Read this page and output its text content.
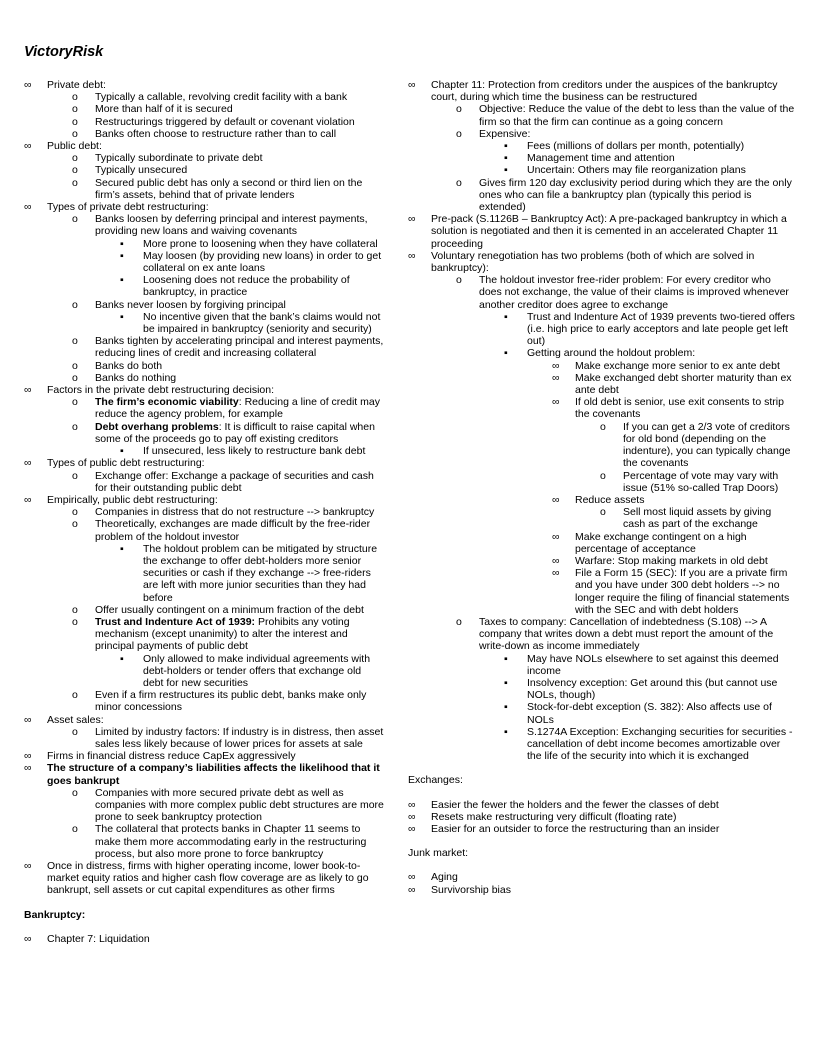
VictoryRisk
∞	Private debt:
o	Typically a callable, revolving credit facility with a bank
o	More than half of it is secured
o	Restructurings triggered by default or covenant violation
o	Banks often choose to restructure rather than to call
∞	Public debt:
o	Typically subordinate to private debt
o	Typically unsecured
o	Secured public debt has only a second or third lien on the firm’s assets, behind that of private lenders
∞	Types of private debt restructuring:
o	Banks loosen by deferring principal and interest payments, providing new loans and waiving covenants
▪	More prone to loosening when they have collateral
▪	May loosen (by providing new loans) in order to get collateral on ex ante loans
▪	Loosening does not reduce the probability of bankruptcy, in practice
o	Banks never loosen by forgiving principal
▪	No incentive given that the bank’s claims would not be impaired in bankruptcy (seniority and security)
o	Banks tighten by accelerating principal and interest payments, reducing lines of credit and increasing collateral
o	Banks do both
o	Banks do nothing
∞	Factors in the private debt restructuring decision:
o	The firm’s economic viability: Reducing a line of credit may reduce the agency problem, for example
o	Debt overhang problems: It is difficult to raise capital when some of the proceeds go to pay off existing creditors
▪	If unsecured, less likely to restructure bank debt
∞	Types of public debt restructuring:
o	Exchange offer: Exchange a package of securities and cash for their outstanding public debt
∞	Empirically, public debt restructuring:
o	Companies in distress that do not restructure --> bankruptcy
o	Theoretically, exchanges are made difficult by the free-rider problem of the holdout investor
▪	The holdout problem can be mitigated by structure the exchange to offer debt-holders more senior securities or cash if they exchange --> free-riders are left with more junior securities than they had before
o	Offer usually contingent on a minimum fraction of the debt
o	Trust and Indenture Act of 1939: Prohibits any voting mechanism (except unanimity) to alter the interest and principal payments of public debt
▪	Only allowed to make individual agreements with debt-holders or tender offers that exchange old debt for new securities
o	Even if a firm restructures its public debt, banks make only minor concessions
∞	Asset sales:
o	Limited by industry factors: If industry is in distress, then asset sales less likely because of lower prices for assets at sale
∞	Firms in financial distress reduce CapEx aggressively
∞	The structure of a company’s liabilities affects the likelihood that it goes bankrupt
o	Companies with more secured private debt as well as companies with more complex public debt structures are more prone to seek bankruptcy protection
o	The collateral that protects banks in Chapter 11 seems to make them more accommodating early in the restructuring process, but also more prone to force bankruptcy
∞	Once in distress, firms with higher operating income, lower book-to-market equity ratios and higher cash flow coverage are as likely to go bankrupt, sell assets or cut capital expenditures as other firms
Bankruptcy:
∞	Chapter 7: Liquidation
∞	Chapter 11: Protection from creditors under the auspices of the bankruptcy court, during which time the business can be restructured
o	Objective: Reduce the value of the debt to less than the value of the firm so that the firm can continue as a going concern
o	Expensive:
▪	Fees (millions of dollars per month, potentially)
▪	Management time and attention
▪	Uncertain: Others may file reorganization plans
o	Gives firm 120 day exclusivity period during which they are the only ones who can file a bankruptcy plan (typically this period is extended)
∞	Pre-pack (S.1126B – Bankruptcy Act): A pre-packaged bankruptcy in which a solution is negotiated and then it is cemented in an accelerated Chapter 11 proceeding
∞	Voluntary renegotiation has two problems (both of which are solved in bankruptcy):
o	The holdout investor free-rider problem: For every creditor who does not exchange, the value of their claims is improved whenever another creditor does agree to exchange
▪	Trust and Indenture Act of 1939 prevents two-tiered offers (i.e. high price to early acceptors and late people get left out)
▪	Getting around the holdout problem:
∞	Make exchange more senior to ex ante debt
∞	Make exchanged debt shorter maturity than ex ante debt
∞	If old debt is senior, use exit consents to strip the covenants
o	If you can get a 2/3 vote of creditors for old bond (depending on the indenture), you can typically change the covenants
o	Percentage of vote may vary with issue (51% so-called Trap Doors)
∞	Reduce assets
o	Sell most liquid assets by giving cash as part of the exchange
∞	Make exchange contingent on a high percentage of acceptance
∞	Warfare: Stop making markets in old debt
∞	File a Form 15 (SEC): If you are a private firm and you have under 300 debt holders --> no longer require the filing of financial statements with the SEC and with debt holders
o	Taxes to company: Cancellation of indebtedness (S.108) --> A company that writes down a debt must report the amount of the write-down as income immediately
▪	May have NOLs elsewhere to set against this deemed income
▪	Insolvency exception: Get around this (but cannot use NOLs, though)
▪	Stock-for-debt exception (S. 382): Also affects use of NOLs
▪	S.1274A Exception: Exchanging securities for securities - cancellation of debt income becomes amortizable over the life of the security into which it is exchanged
Exchanges:
∞	Easier the fewer the holders and the fewer the classes of debt
∞	Resets make restructuring very difficult (floating rate)
∞	Easier for an outsider to force the restructuring than an insider
Junk market:
∞	Aging
∞	Survivorship bias
